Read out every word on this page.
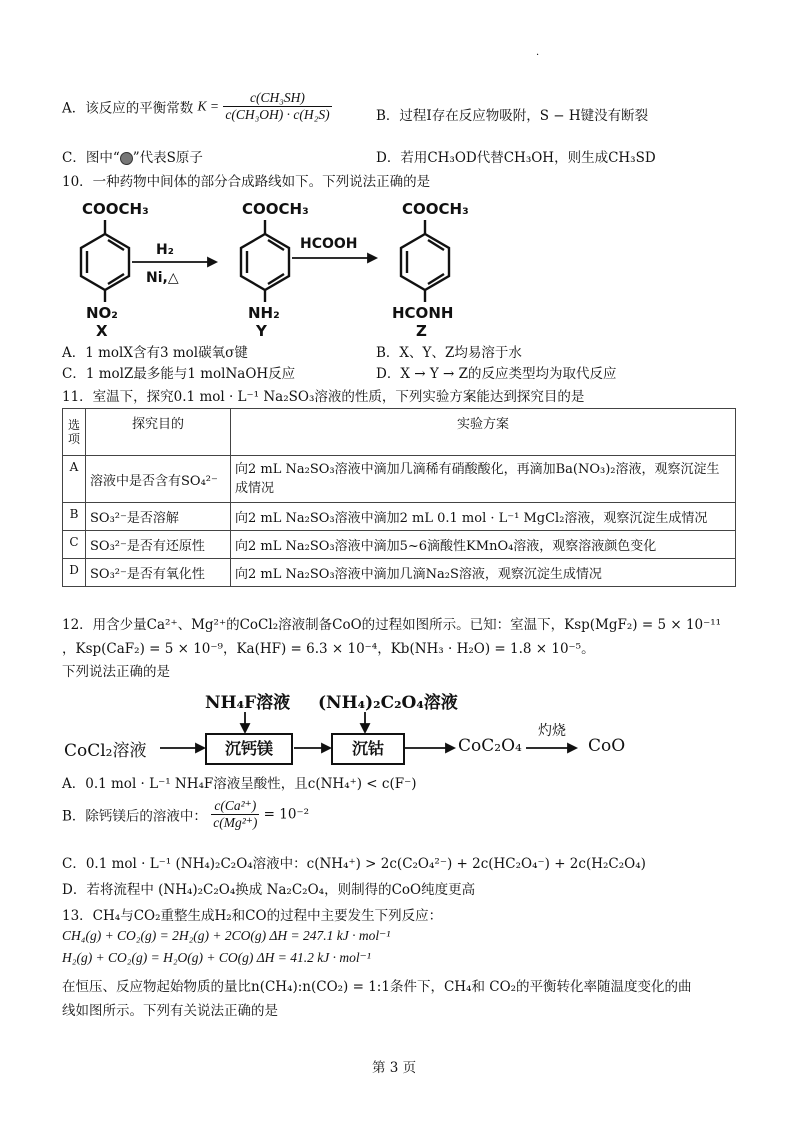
·
A．该反应的平衡常数 $K = \frac{\text{c(CH₃SH)}}{\text{c(CH₃OH) · c(H₂S)}}$	B．过程Ⅰ存在反应物吸附，S − H键没有断裂
C．图中“ ”代表S原子	D．若用CH₃OD代替CH₃OH，则生成CH₃SD
10．一种药物中间体的部分合成路线如下。下列说法正确的是
COOCH₃
NO₂
X
COOCH₃
NH₂
Y
COOCH₃
HCONH
Z
H₂
Ni,△
HCOOH
A．1 molX含有3 mol碳氧σ键	B．X、Y、Z均易溶于水
C．1 molZ最多能与1 molNaOH反应	D．X → Y → Z的反应类型均为取代反应
11．室温下，探究0.1 mol · L⁻¹ Na₂SO₃溶液的性质，下列实验方案能达到探究目的是
选项	探究目的	实验方案
A	溶液中是否含有SO₄²⁻	向2 mL Na₂SO₃溶液中滴加几滴稀有硝酸酸化，再滴加Ba(NO₃)₂溶液，观察沉淀生成情况
B	SO₃²⁻是否溶解	向2 mL Na₂SO₃溶液中滴加2 mL 0.1 mol · L⁻¹ MgCl₂溶液，观察沉淀生成情况
C	SO₃²⁻是否有还原性	向2 mL Na₂SO₃溶液中滴加5~6滴酸性KMnO₄溶液，观察溶液颜色变化
D	SO₃²⁻是否有氧化性	向2 mL Na₂SO₃溶液中滴加几滴Na₂S溶液，观察沉淀生成情况
12．用含少量Ca²⁺、Mg²⁺的CoCl₂溶液制备CoO的过程如图所示。已知：室温下，Ksp(MgF₂) = 5 × 10⁻¹¹
，Ksp(CaF₂) = 5 × 10⁻⁹，Ka(HF) = 6.3 × 10⁻⁴，Kb(NH₃ · H₂O) = 1.8 × 10⁻⁵。
下列说法正确的是
NH₄F溶液 (NH₄)₂C₂O₄溶液
CoCl₂溶液	沉钙镁	沉钴	CoC₂O₄
灼烧
CoO
A．0.1 mol · L⁻¹ NH₄F溶液呈酸性，且c(NH₄⁺) < c(F⁻)
B．除钙镁后的溶液中： $\frac{\text{c(Ca²⁺)}}{\text{c(Mg²⁺)}} = 10^{-2}$
C．0.1 mol · L⁻¹ (NH₄)₂C₂O₄溶液中：c(NH₄⁺) > 2c(C₂O₄²⁻) + 2c(HC₂O₄⁻) + 2c(H₂C₂O₄)
D．若将流程中 (NH₄)₂C₂O₄换成 Na₂C₂O₄，则制得的CoO纯度更高
13．CH₄与CO₂重整生成H₂和CO的过程中主要发生下列反应：
CH₄(g) + CO₂(g) = 2H₂(g) + 2CO(g) ΔH = 247.1 kJ · mol⁻¹
H₂(g) + CO₂(g) = H₂O(g) + CO(g) ΔH = 41.2 kJ · mol⁻¹
在恒压、反应物起始物质的量比n(CH₄):n(CO₂) = 1:1条件下，CH₄和 CO₂的平衡转化率随温度变化的曲
线如图所示。下列有关说法正确的是
第 3 页
